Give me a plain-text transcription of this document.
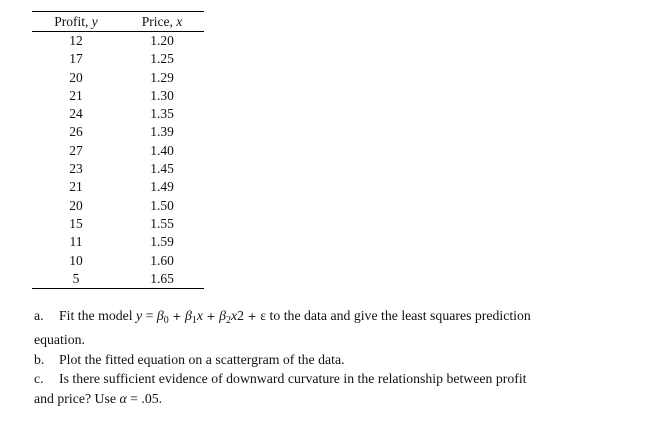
Profit, y	Price, x
12	1.20
17	1.25
20	1.29
21	1.30
24	1.35
26	1.39
27	1.40
23	1.45
21	1.49
20	1.50
15	1.55
11	1.59
10	1.60
5	1.65

a. Fit the model $y = \beta_0 + \beta_1x + \beta_2x2 + \varepsilon$ to the data and give the least squares prediction

equation.

b. Plot the fitted equation on a scattergram of the data.

c. Is there sufficient evidence of downward curvature in the relationship between profit

and price? Use α = .05.
